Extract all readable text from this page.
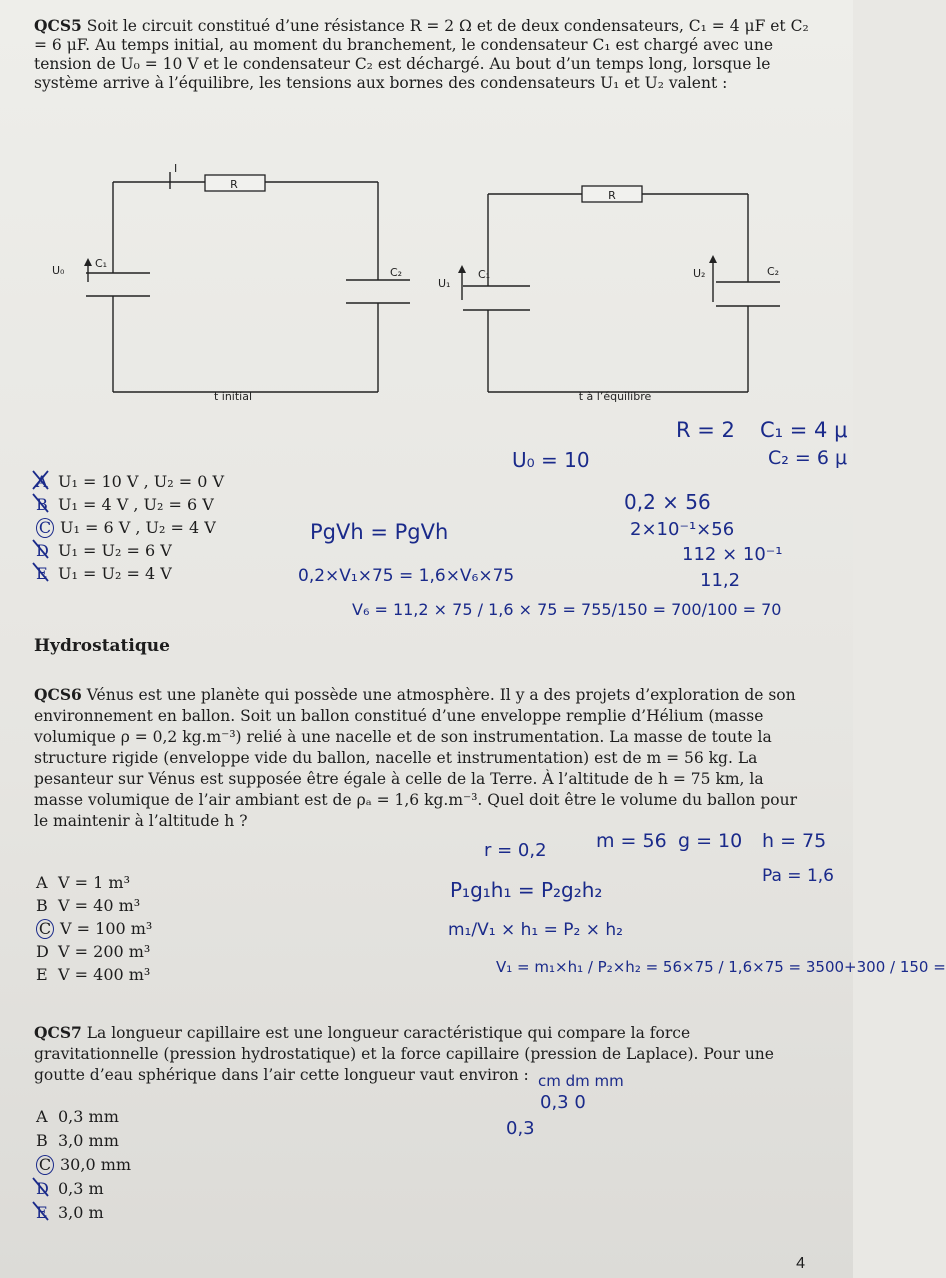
QCS5 Soit le circuit constitué d’une résistance R = 2 Ω et de deux condensateurs, C₁ = 4 μF et C₂ = 6 μF. Au temps initial, au moment du branchement, le condensateur C₁ est chargé avec une tension de U₀ = 10 V et le condensateur C₂ est déchargé. Au bout d’un temps long, lorsque le système arrive à l’équilibre, les tensions aux bornes des condensateurs U₁ et U₂ valent :
R
I
U₀
C₁
C₂
t initial
R
U₁
C₁	U₂	C₂
t à l’équilibre
A U₁ = 10 V , U₂ = 0 V
B U₁ = 4 V , U₂ = 6 V
C U₁ = 6 V , U₂ = 4 V
D U₁ = U₂ = 6 V
E U₁ = U₂ = 4 V
Hydrostatique
QCS6 Vénus est une planète qui possède une atmosphère. Il y a des projets d’exploration de son environnement en ballon. Soit un ballon constitué d’une enveloppe remplie d’Hélium (masse volumique ρ = 0,2 kg.m⁻³) relié à une nacelle et de son instrumentation. La masse de toute la structure rigide (enveloppe vide du ballon, nacelle et instrumentation) est de m = 56 kg. La pesanteur sur Vénus est supposée être égale à celle de la Terre. À l’altitude de h = 75 km, la masse volumique de l’air ambiant est de ρₐ = 1,6 kg.m⁻³. Quel doit être le volume du ballon pour le maintenir à l’altitude h ?
A V = 1 m³
B V = 40 m³
C V = 100 m³
D V = 200 m³
E V = 400 m³
QCS7 La longueur capillaire est une longueur caractéristique qui compare la force gravitationnelle (pression hydrostatique) et la force capillaire (pression de Laplace). Pour une goutte d’eau sphérique dans l’air cette longueur vaut environ :
A 0,3 mm
B 3,0 mm
C 30,0 mm
D 0,3 m
E 3,0 m
R = 2 C₁ = 4 μ
C₂ = 6 μ
U₀ = 10
0,2 × 56
2×10⁻¹×56
112 × 10⁻¹
11,2
PgVh = PgVh
0,2×V₁×75 = 1,6×V₆×75
V₆ = 11,2 × 75 / 1,6 × 75 = 755/150 = 700/100 = 70
r = 0,2	m = 56 g = 10 h = 75
Pa = 1,6
P₁g₁h₁ = P₂g₂h₂
m₁/V₁ × h₁ = P₂ × h₂
V₁ = m₁×h₁ / P₂×h₂ = 56×75 / 1,6×75 = 3500+300 / 150 =
cm dm mm
0,3 0
0,3
4
